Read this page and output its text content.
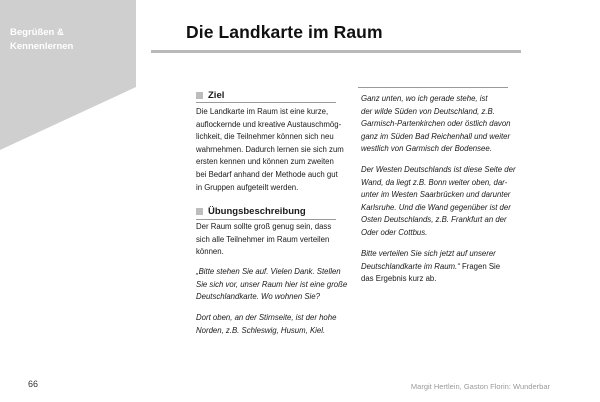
Begrüßen &
Kennenlernen
Die Landkarte im Raum
Ziel
Die Landkarte im Raum ist eine kurze,
auflockernde und kreative Austauschmög-
lichkeit, die Teilnehmer können sich neu
wahrnehmen. Dadurch lernen sie sich zum
ersten kennen und können zum zweiten
bei Bedarf anhand der Methode auch gut
in Gruppen aufgeteilt werden.
Übungsbeschreibung
Der Raum sollte groß genug sein, dass
sich alle Teilnehmer im Raum verteilen
können.
„Bitte stehen Sie auf. Vielen Dank. Stellen
Sie sich vor, unser Raum hier ist eine große
Deutschlandkarte. Wo wohnen Sie?
Dort oben, an der Stirnseite, ist der hohe
Norden, z.B. Schleswig, Husum, Kiel.
Ganz unten, wo ich gerade stehe, ist
der wilde Süden von Deutschland, z.B.
Garmisch-Partenkirchen oder östlich davon
ganz im Süden Bad Reichenhall und weiter
westlich von Garmisch der Bodensee.
Der Westen Deutschlands ist diese Seite der
Wand, da liegt z.B. Bonn weiter oben, dar-
unter im Westen Saarbrücken und darunter
Karlsruhe. Und die Wand gegenüber ist der
Osten Deutschlands, z.B. Frankfurt an der
Oder oder Cottbus.
Bitte verteilen Sie sich jetzt auf unserer
Deutschlandkarte im Raum.“ Fragen Sie
das Ergebnis kurz ab.
66	Margit Hertlein, Gaston Florin: Wunderbar
